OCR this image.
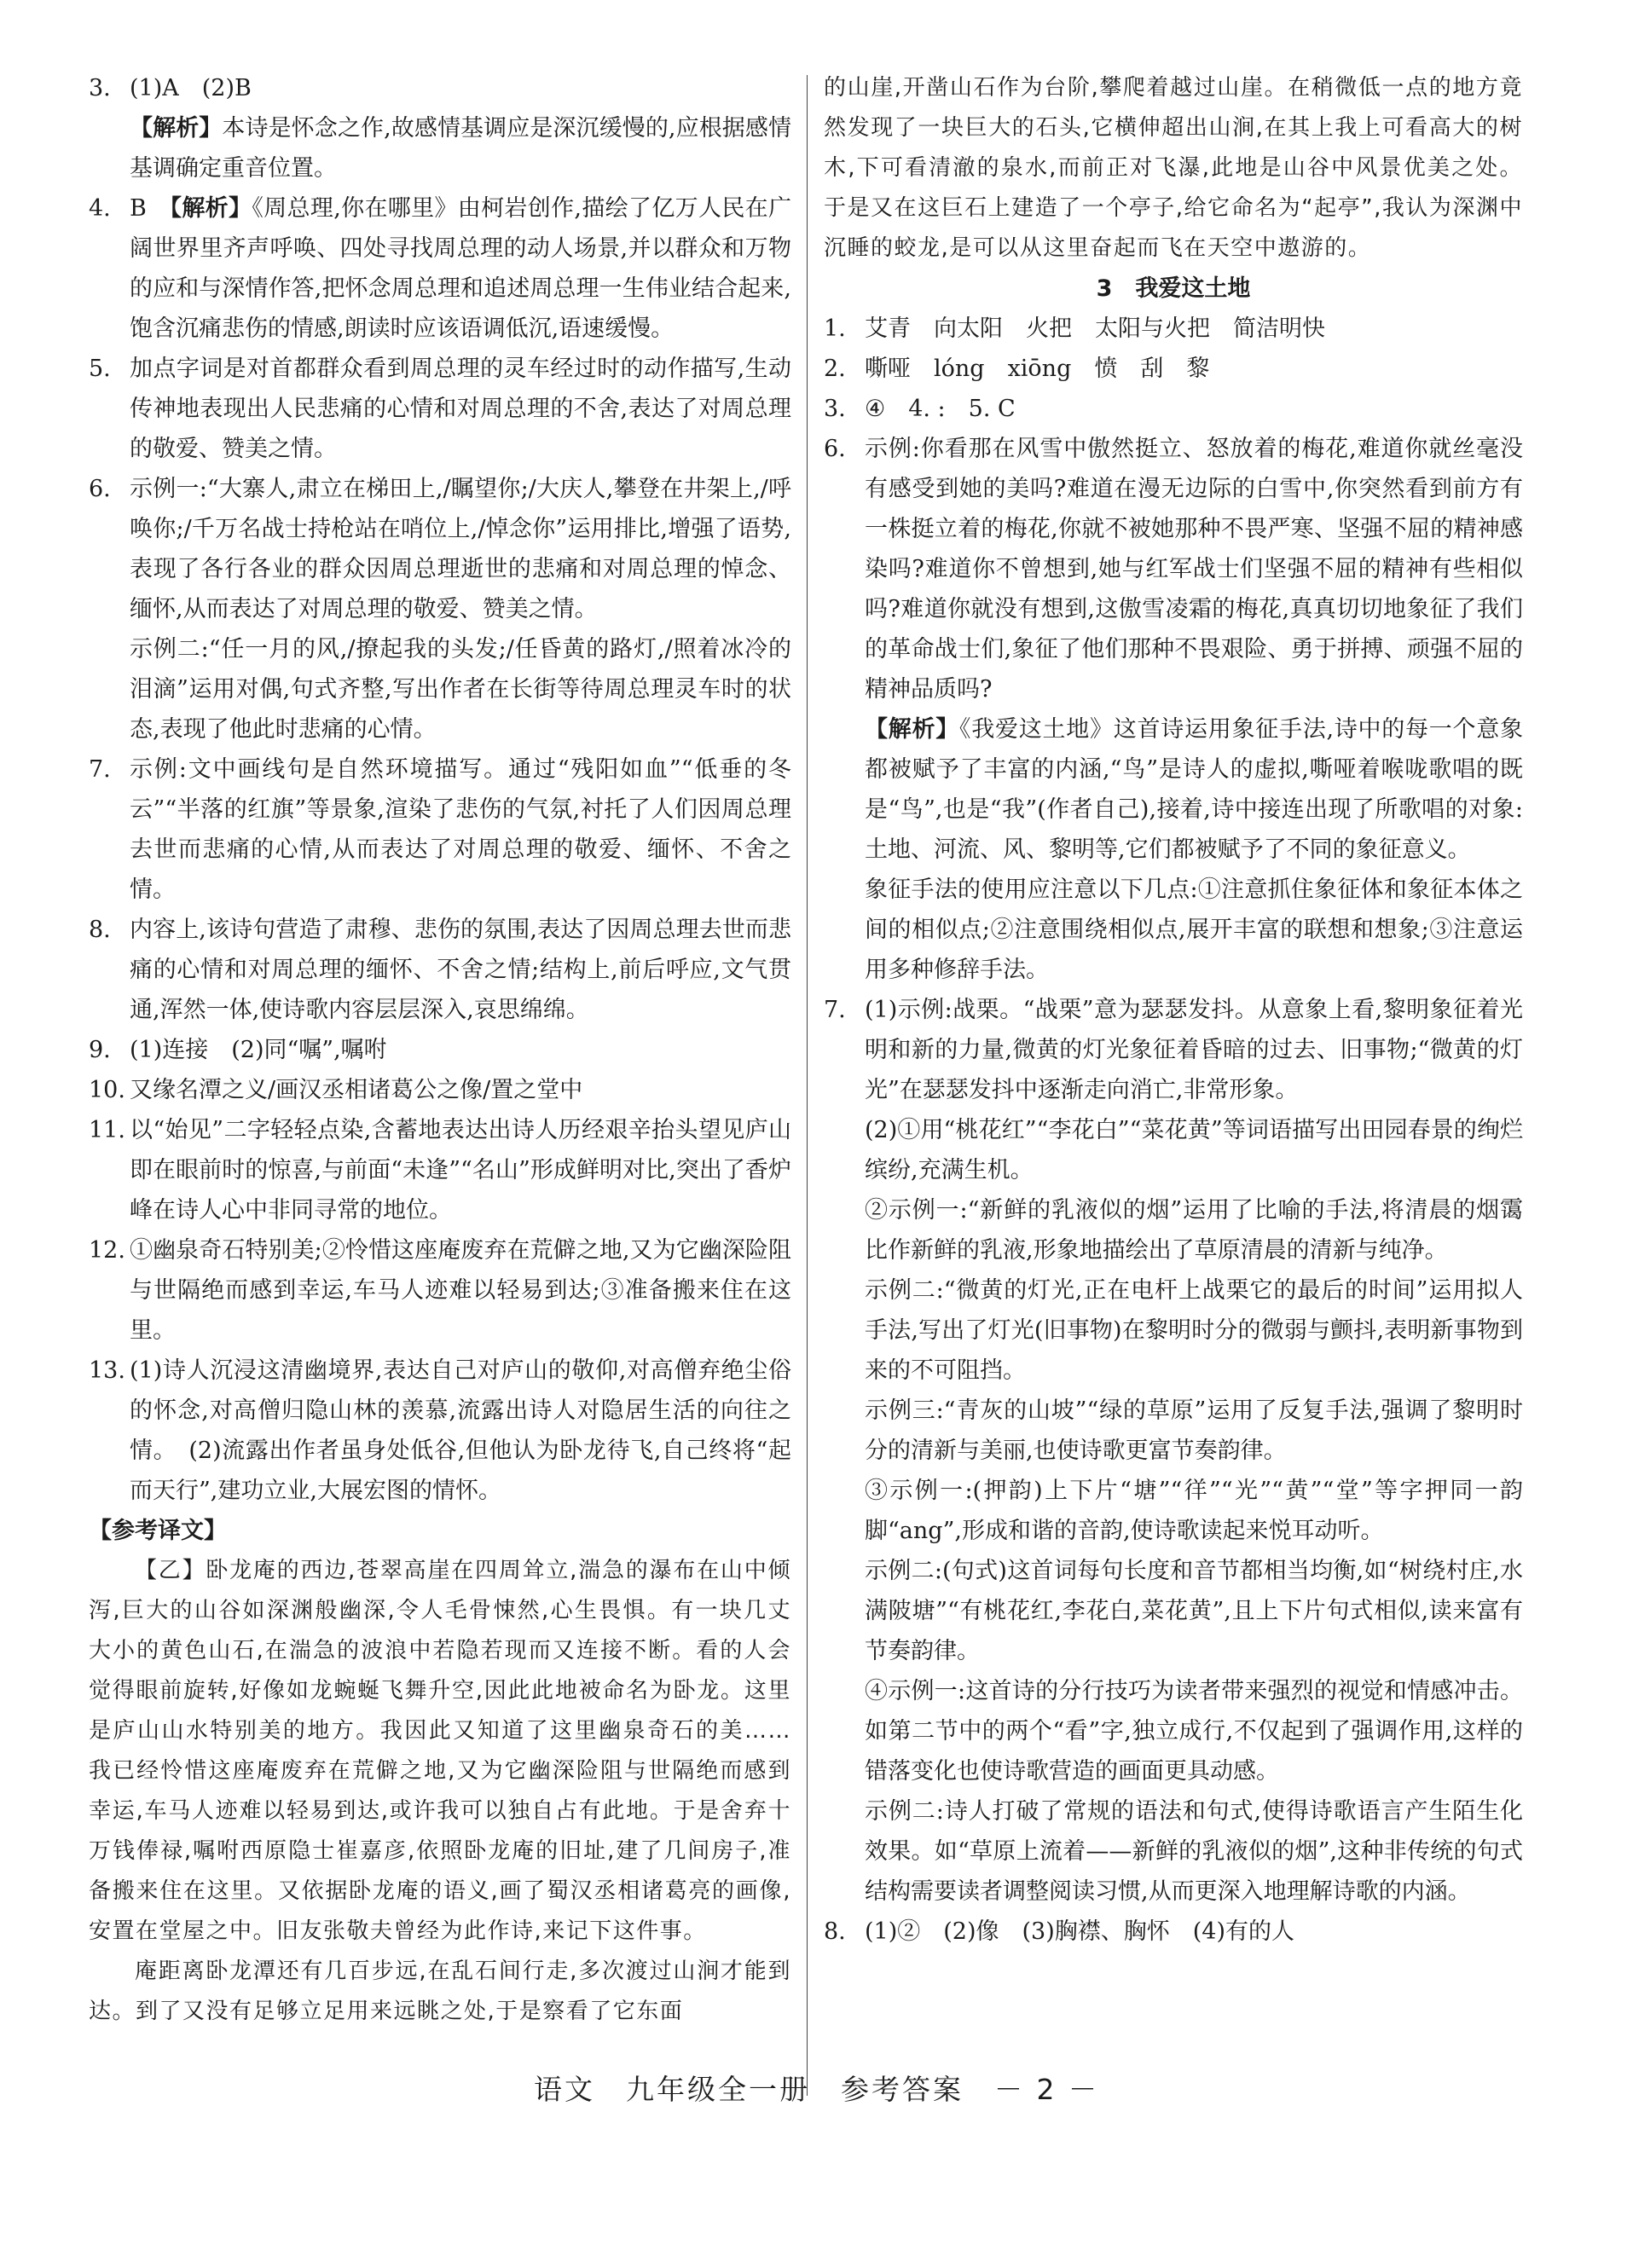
3. (1)A　(2)B

【解析】本诗是怀念之作,故感情基调应是深沉缓慢的,应根据感情基调确定重音位置。

4. B　 【解析】《周总理,你在哪里》由柯岩创作,描绘了亿万人民在广阔世界里齐声呼唤、四处寻找周总理的动人场景,并以群众和万物的应和与深情作答,把怀念周总理和追述周总理一生伟业结合起来,饱含沉痛悲伤的情感,朗读时应该语调低沉,语速缓慢。
5. 加点字词是对首都群众看到周总理的灵车经过时的动作描写,生动传神地表现出人民悲痛的心情和对周总理的不舍,表达了对周总理的敬爱、赞美之情。
6. 示例一:“大寨人,肃立在梯田上,/瞩望你;/大庆人,攀登在井架上,/呼唤你;/千万名战士持枪站在哨位上,/悼念你”运用排比,增强了语势,表现了各行各业的群众因周总理逝世的悲痛和对周总理的悼念、缅怀,从而表达了对周总理的敬爱、赞美之情。

示例二:“任一月的风,/撩起我的头发;/任昏黄的路灯,/照着冰冷的泪滴”运用对偶,句式齐整,写出作者在长街等待周总理灵车时的状态,表现了他此时悲痛的心情。

7. 示例:文中画线句是自然环境描写。通过“残阳如血”“低垂的冬云”“半落的红旗”等景象,渲染了悲伤的气氛,衬托了人们因周总理去世而悲痛的心情,从而表达了对周总理的敬爱、缅怀、不舍之情。
8. 内容上,该诗句营造了肃穆、悲伤的氛围,表达了因周总理去世而悲痛的心情和对周总理的缅怀、不舍之情;结构上,前后呼应,文气贯通,浑然一体,使诗歌内容层层深入,哀思绵绵。
9. (1)连接　(2)同“嘱”,嘱咐
10. 又缘名潭之义/画汉丞相诸葛公之像/置之堂中
11. 以“始见”二字轻轻点染,含蓄地表达出诗人历经艰辛抬头望见庐山即在眼前时的惊喜,与前面“未逢”“名山”形成鲜明对比,突出了香炉峰在诗人心中非同寻常的地位。
12. ①幽泉奇石特别美;②怜惜这座庵废弃在荒僻之地,又为它幽深险阻与世隔绝而感到幸运,车马人迹难以轻易到达;③准备搬来住在这里。
13. (1)诗人沉浸这清幽境界,表达自己对庐山的敬仰,对高僧弃绝尘俗的怀念,对高僧归隐山林的羡慕,流露出诗人对隐居生活的向往之情。　(2)流露出作者虽身处低谷,但他认为卧龙待飞,自己终将“起而天行”,建功立业,大展宏图的情怀。

【参考译文】

【乙】卧龙庵的西边,苍翠高崖在四周耸立,湍急的瀑布在山中倾泻,巨大的山谷如深渊般幽深,令人毛骨悚然,心生畏惧。有一块几丈大小的黄色山石,在湍急的波浪中若隐若现而又连接不断。看的人会觉得眼前旋转,好像如龙蜿蜒飞舞升空,因此此地被命名为卧龙。这里是庐山山水特别美的地方。我因此又知道了这里幽泉奇石的美……我已经怜惜这座庵废弃在荒僻之地,又为它幽深险阻与世隔绝而感到幸运,车马人迹难以轻易到达,或许我可以独自占有此地。于是舍弃十万钱俸禄,嘱咐西原隐士崔嘉彦,依照卧龙庵的旧址,建了几间房子,准备搬来住在这里。又依据卧龙庵的语义,画了蜀汉丞相诸葛亮的画像,安置在堂屋之中。旧友张敬夫曾经为此作诗,来记下这件事。

庵距离卧龙潭还有几百步远,在乱石间行走,多次渡过山涧才能到达。到了又没有足够立足用来远眺之处,于是察看了它东面

的山崖,开凿山石作为台阶,攀爬着越过山崖。在稍微低一点的地方竟然发现了一块巨大的石头,它横伸超出山涧,在其上我上可看高大的树木,下可看清澈的泉水,而前正对飞瀑,此地是山谷中风景优美之处。于是又在这巨石上建造了一个亭子,给它命名为“起亭”,我认为深渊中沉睡的蛟龙,是可以从这里奋起而飞在天空中遨游的。

3　我爱这土地

1. 艾青　向太阳　火把　太阳与火把　简洁明快
2. 嘶哑　lóng　xiōng　愤　刮　黎
3. ④　4. :　5. C
6. 示例:你看那在风雪中傲然挺立、怒放着的梅花,难道你就丝毫没有感受到她的美吗?难道在漫无边际的白雪中,你突然看到前方有一株挺立着的梅花,你就不被她那种不畏严寒、坚强不屈的精神感染吗?难道你不曾想到,她与红军战士们坚强不屈的精神有些相似吗?难道你就没有想到,这傲雪凌霜的梅花,真真切切地象征了我们的革命战士们,象征了他们那种不畏艰险、勇于拼搏、顽强不屈的精神品质吗?

【解析】《我爱这土地》这首诗运用象征手法,诗中的每一个意象都被赋予了丰富的内涵,“鸟”是诗人的虚拟,嘶哑着喉咙歌唱的既是“鸟”,也是“我”(作者自己),接着,诗中接连出现了所歌唱的对象:土地、河流、风、黎明等,它们都被赋予了不同的象征意义。

象征手法的使用应注意以下几点:①注意抓住象征体和象征本体之间的相似点;②注意围绕相似点,展开丰富的联想和想象;③注意运用多种修辞手法。

7. (1)示例:战栗。“战栗”意为瑟瑟发抖。从意象上看,黎明象征着光明和新的力量,微黄的灯光象征着昏暗的过去、旧事物;“微黄的灯光”在瑟瑟发抖中逐渐走向消亡,非常形象。

(2)①用“桃花红”“李花白”“菜花黄”等词语描写出田园春景的绚烂缤纷,充满生机。

②示例一:“新鲜的乳液似的烟”运用了比喻的手法,将清晨的烟霭比作新鲜的乳液,形象地描绘出了草原清晨的清新与纯净。

示例二:“微黄的灯光,正在电杆上战栗它的最后的时间”运用拟人手法,写出了灯光(旧事物)在黎明时分的微弱与颤抖,表明新事物到来的不可阻挡。

示例三:“青灰的山坡”“绿的草原”运用了反复手法,强调了黎明时分的清新与美丽,也使诗歌更富节奏韵律。

③示例一:(押韵)上下片“塘”“徉”“光”“黄”“堂”等字押同一韵脚“ang”,形成和谐的音韵,使诗歌读起来悦耳动听。

示例二:(句式)这首词每句长度和音节都相当均衡,如“树绕村庄,水满陂塘”“有桃花红,李花白,菜花黄”,且上下片句式相似,读来富有节奏韵律。

④示例一:这首诗的分行技巧为读者带来强烈的视觉和情感冲击。如第二节中的两个“看”字,独立成行,不仅起到了强调作用,这样的错落变化也使诗歌营造的画面更具动感。

示例二:诗人打破了常规的语法和句式,使得诗歌语言产生陌生化效果。如“草原上流着——新鲜的乳液似的烟”,这种非传统的句式结构需要读者调整阅读习惯,从而更深入地理解诗歌的内涵。

8. (1)②　(2)像　(3)胸襟、胸怀　(4)有的人
语文　九年级全一册　参考答案　－ 2 －
